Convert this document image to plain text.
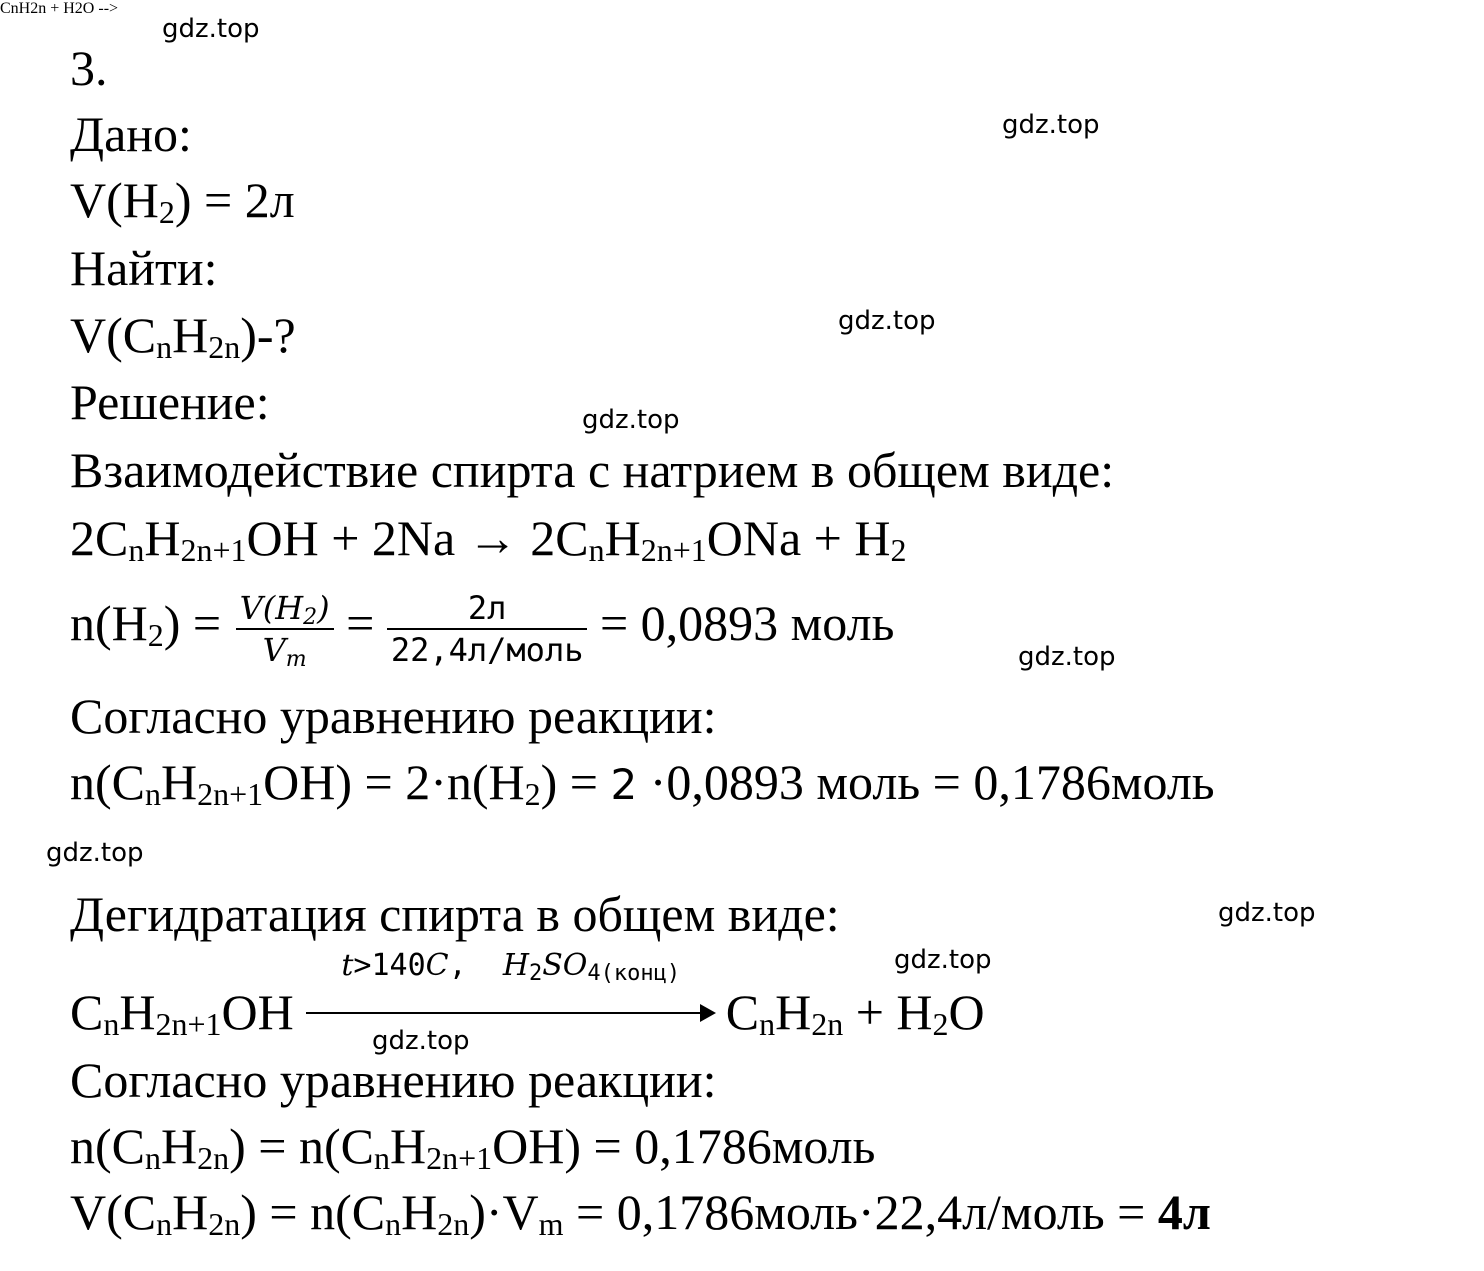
gdz.top
gdz.top
gdz.top
gdz.top
gdz.top
gdz.top
gdz.top
gdz.top
gdz.top
3.
Дано:
V(H2) = 2л
Найти:
V(CnH2n)-?
Решение:
Взаимодействие спирта с натрием в общем виде:
2CnH2n+1OH + 2Na → 2CnH2n+1ONa + H2
$n(H2) = \frac{V(H2)}{Vm} = \frac{2л}{\text{22,4л/моль}} = 0,0893$ моль
Согласно уравнению реакции:
n(CnH2n+1OH) = 2·n(H2) = 2 ·0,0893 моль = 0,1786моль
Дегидратация спирта в общем виде:
CnH2n + H2O -->
CnH2n+1OH
t>140C, H2SO4(конц)
CnH2n + H2O
Согласно уравнению реакции:
n(CnH2n) = n(CnH2n+1OH) = 0,1786моль
V(CnH2n) = n(CnH2n)·Vm = 0,1786моль·22,4л/моль = 4л
